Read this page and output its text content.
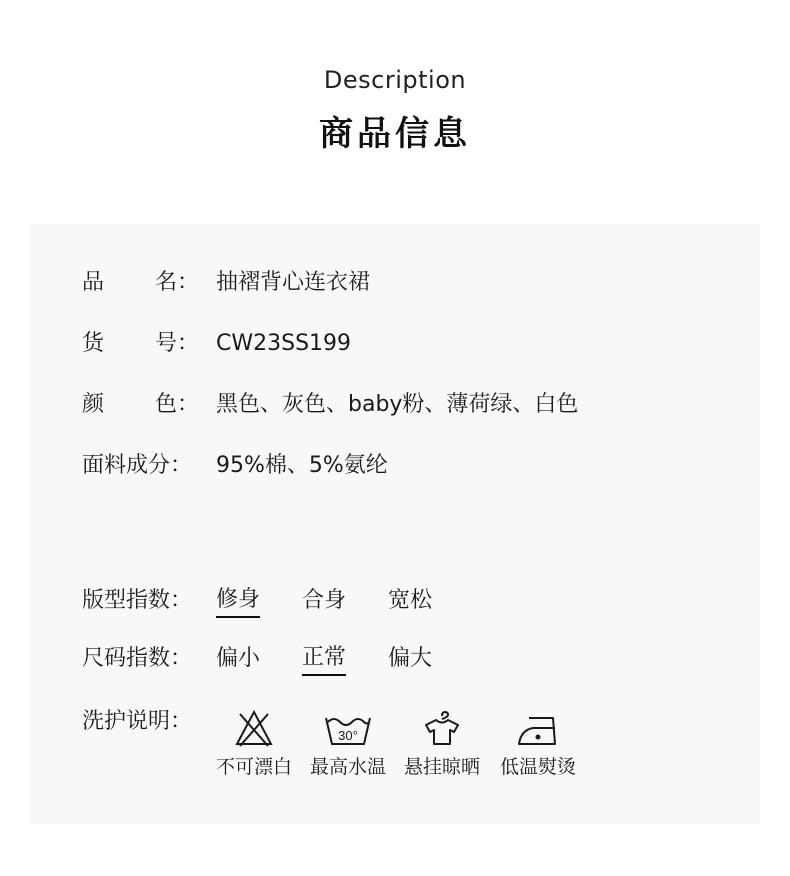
Description
商品信息
品 名： 抽褶背心连衣裙
货 号： CW23SS199
颜 色： 黑色、灰色、baby粉、薄荷绿、白色
面料成分： 95%棉、5%氨纶
版型指数： 修身 合身 宽松
尺码指数： 偏小 正常 偏大
洗护说明：
不可漂白
30°
最高水温 悬挂晾晒	低温熨烫
